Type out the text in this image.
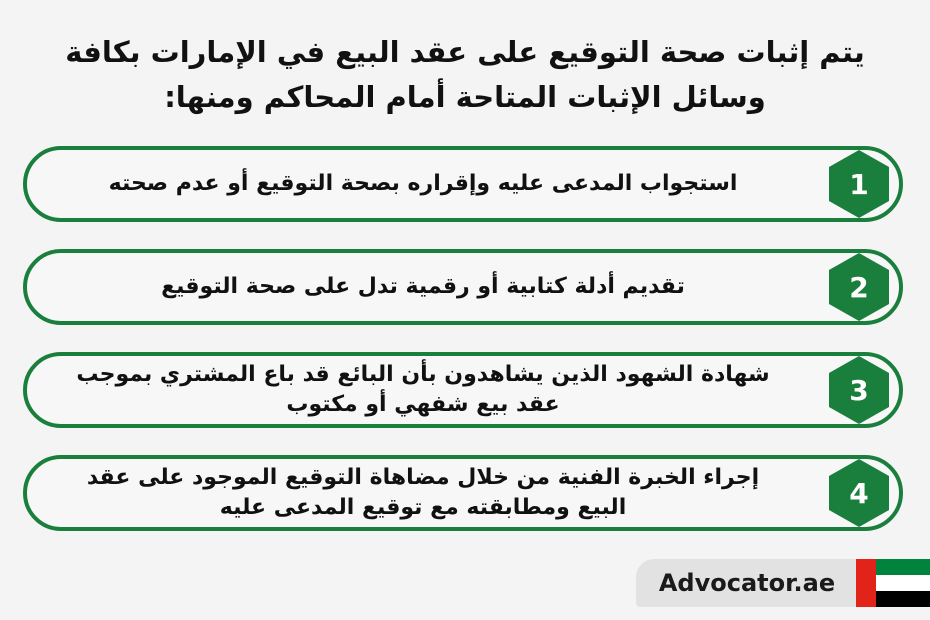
يتم إثبات صحة التوقيع على عقد البيع في الإمارات بكافة
وسائل الإثبات المتاحة أمام المحاكم ومنها:
استجواب المدعى عليه وإقراره بصحة التوقيع أو عدم صحته	1
تقديم أدلة كتابية أو رقمية تدل على صحة التوقيع	2
شهادة الشهود الذين يشاهدون بأن البائع قد باع المشتري بموجب عقد بيع شفهي أو مكتوب	3
إجراء الخبرة الفنية من خلال مضاهاة التوقيع الموجود على عقد البيع ومطابقته مع توقيع المدعى عليه	4
Advocator.ae
